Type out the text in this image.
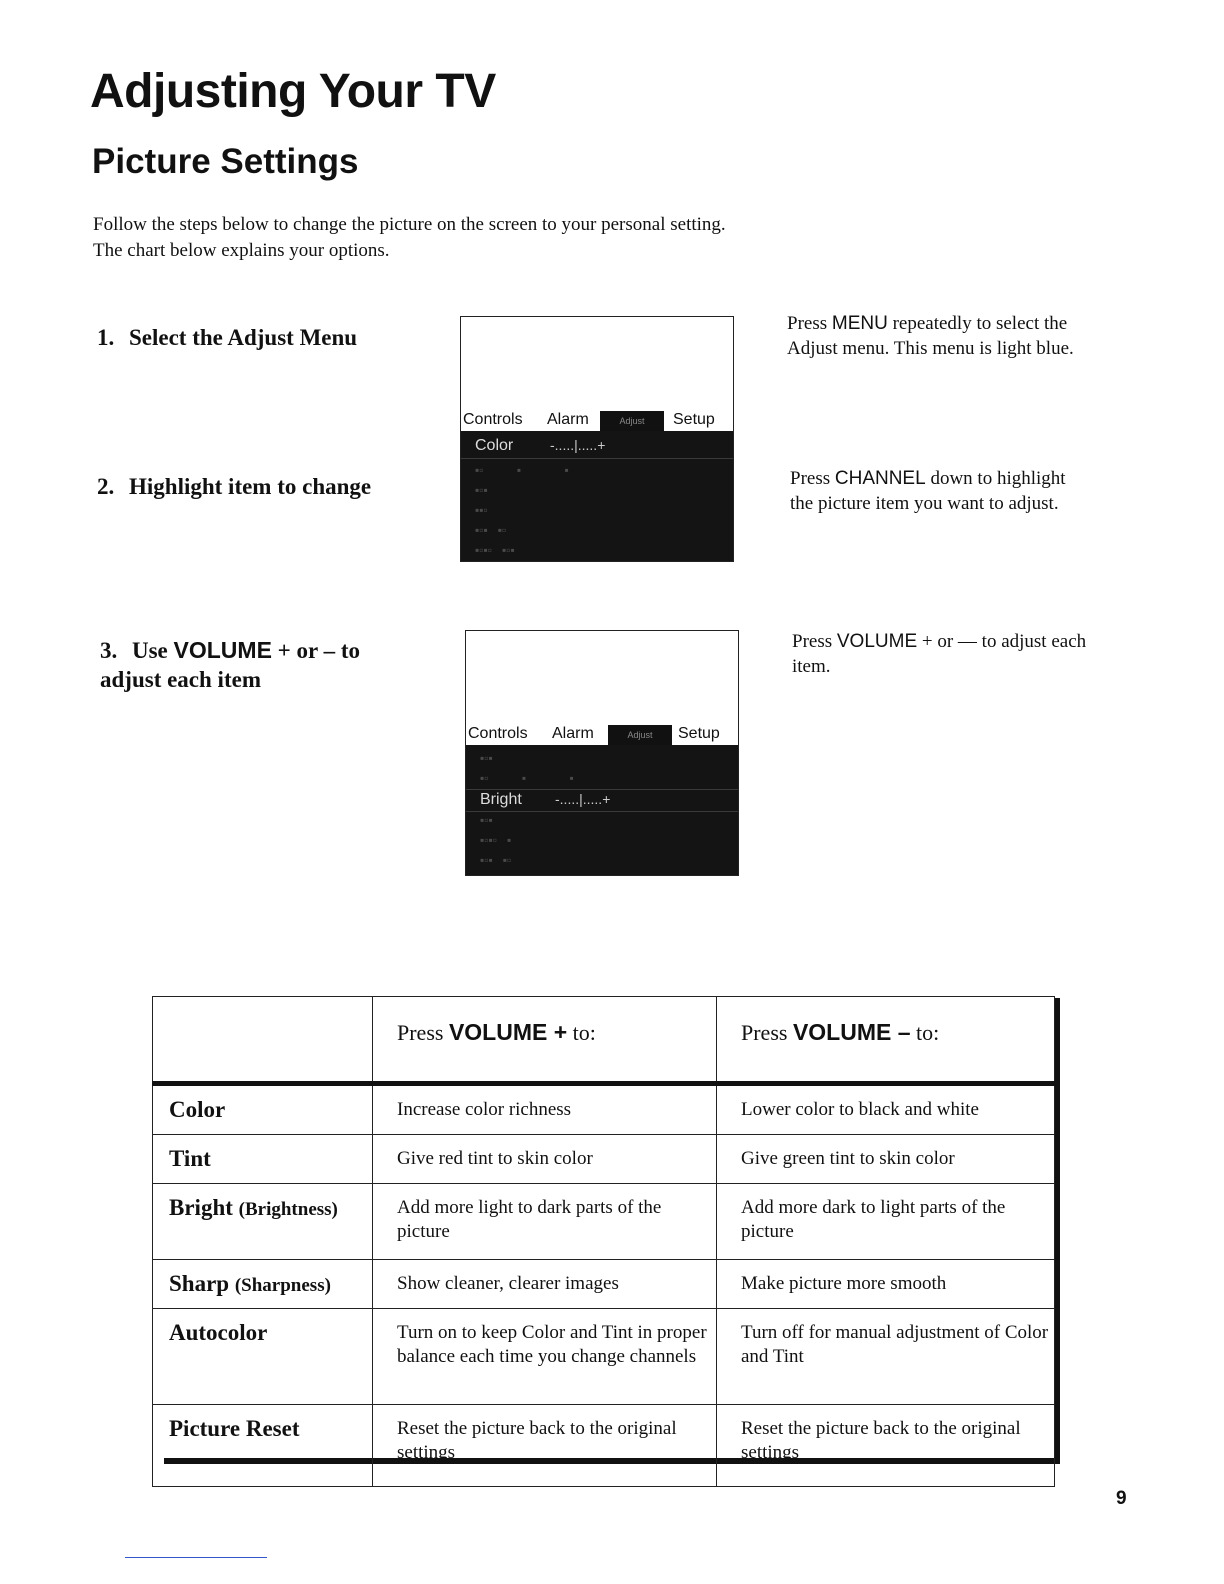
Adjusting Your TV
Picture Settings

Follow the steps below to change the picture on the screen to your personal setting. The chart below explains your options.

1. Select the Adjust Menu
Press MENU repeatedly to select the Adjust menu. This menu is light blue.
2. Highlight item to change	Press CHANNEL down to highlight the picture item you want to adjust.
3. Use VOLUME + or – to adjust each item
Press VOLUME + or — to adjust each item.
Controls Alarm	Adjust	Setup
Color	-.....|.....+
▪▫          ▪             ▪
▪▫▪
▪▪▫
▪▫▪   ▪▫
▪▫▪▫   ▪▫▪
Controls Alarm	Adjust	Setup
▪▫▪
▪▫          ▪             ▪
Bright -.....|.....+
▪▫▪
▪▫▪▫   ▪
▪▫▪   ▪▫
	Press VOLUME + to:	Press VOLUME – to:
Color	Increase color richness	Lower color to black and white
Tint	Give red tint to skin color	Give green tint to skin color
Bright (Brightness)	Add more light to dark parts of the picture	Add more dark to light parts of the picture
Sharp (Sharpness)	Show cleaner, clearer images	Make picture more smooth
Autocolor	Turn on to keep Color and Tint in proper balance each time you change channels	Turn off for manual adjustment of Color and Tint
Picture Reset	Reset the picture back to the original settings	Reset the picture back to the original settings
9
